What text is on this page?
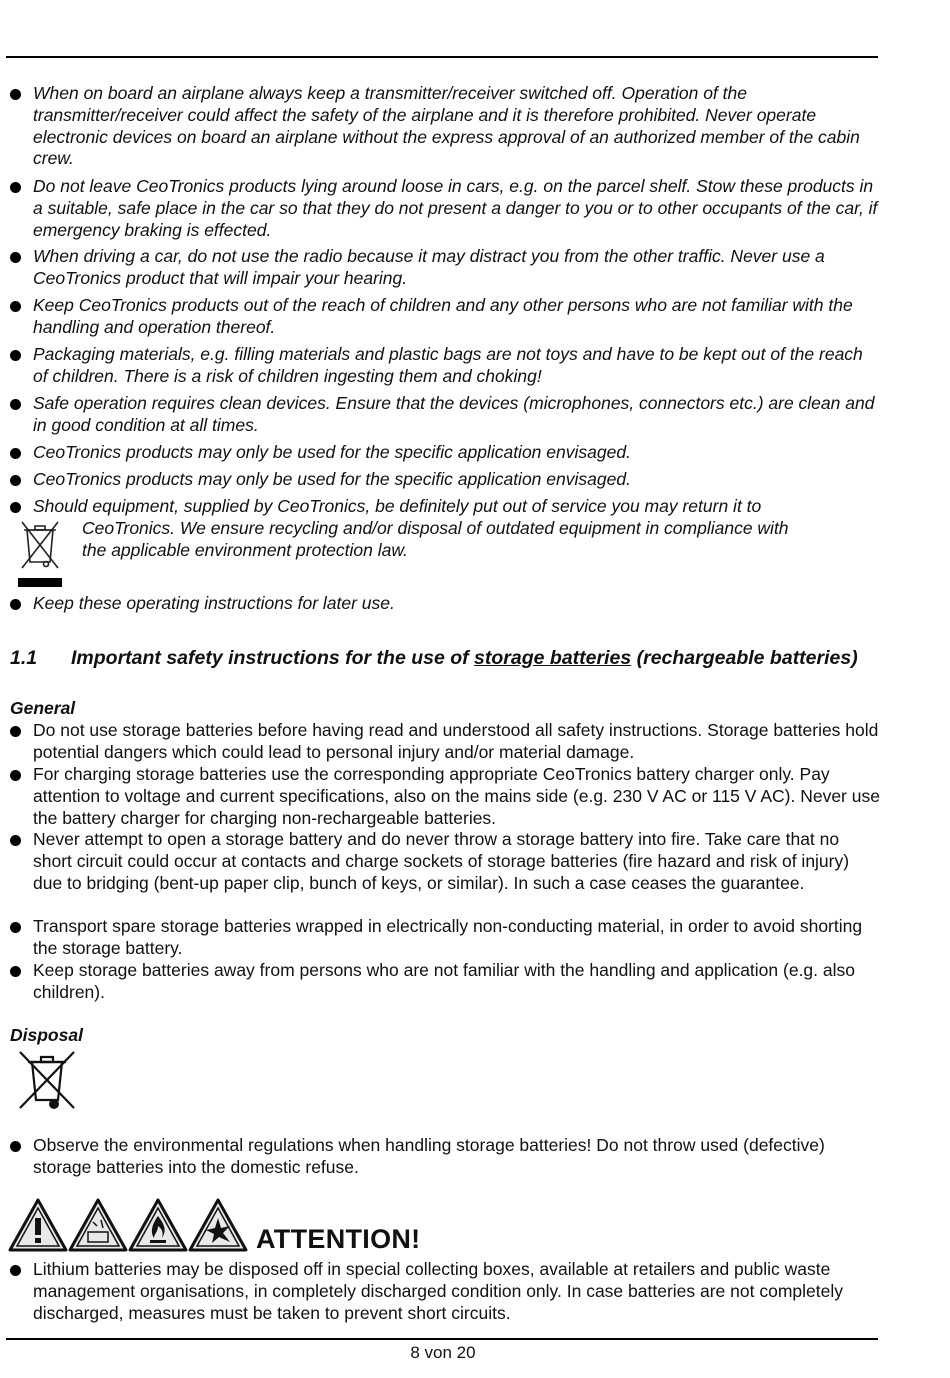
When on board an airplane always keep a transmitter/receiver switched off. Operation of the transmitter/receiver could affect the safety of the airplane and it is therefore prohibited. Never operate electronic devices on board an airplane without the express approval of an authorized member of the cabin crew.
Do not leave CeoTronics products lying around loose in cars, e.g. on the parcel shelf. Stow these products in a suitable, safe place in the car so that they do not present a danger to you or to other occupants of the car, if emergency braking is effected.
When driving a car, do not use the radio because it may distract you from the other traffic. Never use a CeoTronics product that will impair your hearing.
Keep CeoTronics products out of the reach of children and any other persons who are not familiar with the handling and operation thereof.
Packaging materials, e.g. filling materials and plastic bags are not toys and have to be kept out of the reach of children. There is a risk of children ingesting them and choking!
Safe operation requires clean devices. Ensure that the devices (microphones, connectors etc.) are clean and in good condition at all times.
CeoTronics products may only be used for the specific application envisaged.
CeoTronics products may only be used for the specific application envisaged.
Should equipment, supplied by CeoTronics, be definitely put out of service you may return it to
CeoTronics. We ensure recycling and/or disposal of outdated equipment in compliance with
the applicable environment protection law.
Keep these operating instructions for later use.
1.1 Important safety instructions for the use of storage batteries (rechargeable batteries)
General
Do not use storage batteries before having read and understood all safety instructions. Storage batteries hold potential dangers which could lead to personal injury and/or material damage.
For charging storage batteries use the corresponding appropriate CeoTronics battery charger only. Pay attention to voltage and current specifications, also on the mains side (e.g. 230 V AC or 115 V AC). Never use the battery charger for charging non-rechargeable batteries.
Never attempt to open a storage battery and do never throw a storage battery into fire. Take care that no short circuit could occur at contacts and charge sockets of storage batteries (fire hazard and risk of injury) due to bridging (bent-up paper clip, bunch of keys, or similar). In such a case ceases the guarantee.
Transport spare storage batteries wrapped in electrically non-conducting material, in order to avoid shorting the storage battery.
Keep storage batteries away from persons who are not familiar with the handling and application (e.g. also children).
Disposal
Observe the environmental regulations when handling storage batteries! Do not throw used (defective) storage batteries into the domestic refuse.
ATTENTION!
Lithium batteries may be disposed off in special collecting boxes, available at retailers and public waste management organisations, in completely discharged condition only. In case batteries are not completely discharged, measures must be taken to prevent short circuits.
8 von 20
